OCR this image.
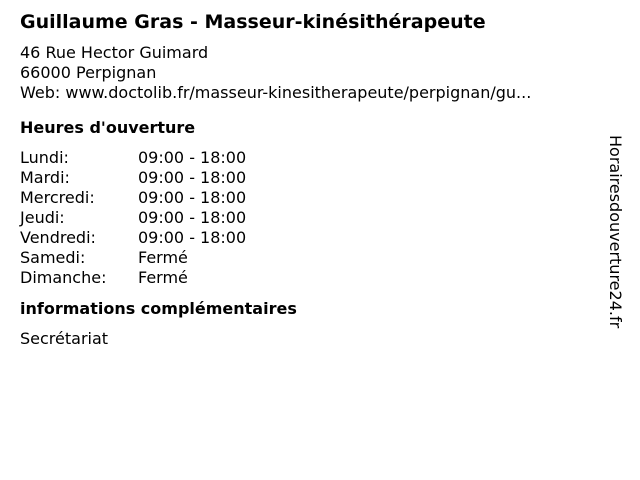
Guillaume Gras - Masseur-kinésithérapeute
46 Rue Hector Guimard
66000 Perpignan
Web: www.doctolib.fr/masseur-kinesitherapeute/perpignan/gu...
Heures d'ouverture
Lundi:	09:00 - 18:00
Mardi:	09:00 - 18:00
Mercredi:	09:00 - 18:00
Jeudi:	09:00 - 18:00
Vendredi:	09:00 - 18:00
Samedi:	Fermé
Dimanche:	Fermé
informations complémentaires
Secrétariat
Horairesdouverture24.fr
